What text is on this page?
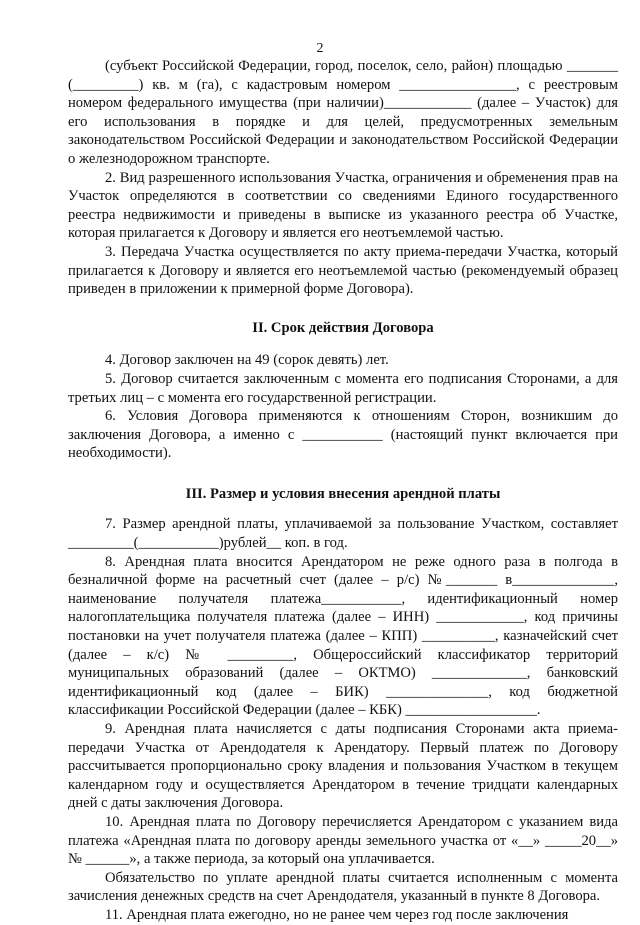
2

(субъект Российской Федерации, город, поселок, село, район) площадью _______ (_________) кв. м (га), с кадастровым номером ________________, с реестровым номером федерального имущества (при наличии)____________ (далее – Участок) для его использования в порядке и для целей, предусмотренных земельным законодательством Российской Федерации и законодательством Российской Федерации о железнодорожном транспорте.

2. Вид разрешенного использования Участка, ограничения и обременения прав на Участок определяются в соответствии со сведениями Единого государственного реестра недвижимости и приведены в выписке из указанного реестра об Участке, которая прилагается к Договору и является его неотъемлемой частью.

3. Передача Участка осуществляется по акту приема-передачи Участка, который прилагается к Договору и является его неотъемлемой частью (рекомендуемый образец приведен в приложении к примерной форме Договора).

II. Срок действия Договора

4. Договор заключен на 49 (сорок девять) лет.

5. Договор считается заключенным с момента его подписания Сторонами, а для третьих лиц – с момента его государственной регистрации.

6. Условия Договора применяются к отношениям Сторон, возникшим до заключения Договора, а именно с ___________ (настоящий пункт включается при необходимости).

III. Размер и условия внесения арендной платы

7. Размер арендной платы, уплачиваемой за пользование Участком, составляет _________(___________)рублей__ коп. в год.

8. Арендная плата вносится Арендатором не реже одного раза в полгода в безналичной форме на расчетный счет (далее – р/с) №_______ в______________, наименование получателя платежа___________, идентификационный номер налогоплательщика получателя платежа (далее – ИНН) ____________, код причины постановки на учет получателя платежа (далее – КПП) __________, казначейский счет (далее – к/с) № _________, Общероссийский классификатор территорий муниципальных образований (далее – ОКТМО) _____________, банковский идентификационный код (далее – БИК) ______________, код бюджетной классификации Российской Федерации (далее – КБК) __________________.

9. Арендная плата начисляется с даты подписания Сторонами акта приема-передачи Участка от Арендодателя к Арендатору. Первый платеж по Договору рассчитывается пропорционально сроку владения и пользования Участком в текущем календарном году и осуществляется Арендатором в течение тридцати календарных дней с даты заключения Договора.

10. Арендная плата по Договору перечисляется Арендатором с указанием вида платежа «Арендная плата по договору аренды земельного участка от «__» _____20__» № ______», а также периода, за который она уплачивается.

Обязательство по уплате арендной платы считается исполненным с момента зачисления денежных средств на счет Арендодателя, указанный в пункте 8 Договора.

11. Арендная плата ежегодно, но не ранее чем через год после заключения
